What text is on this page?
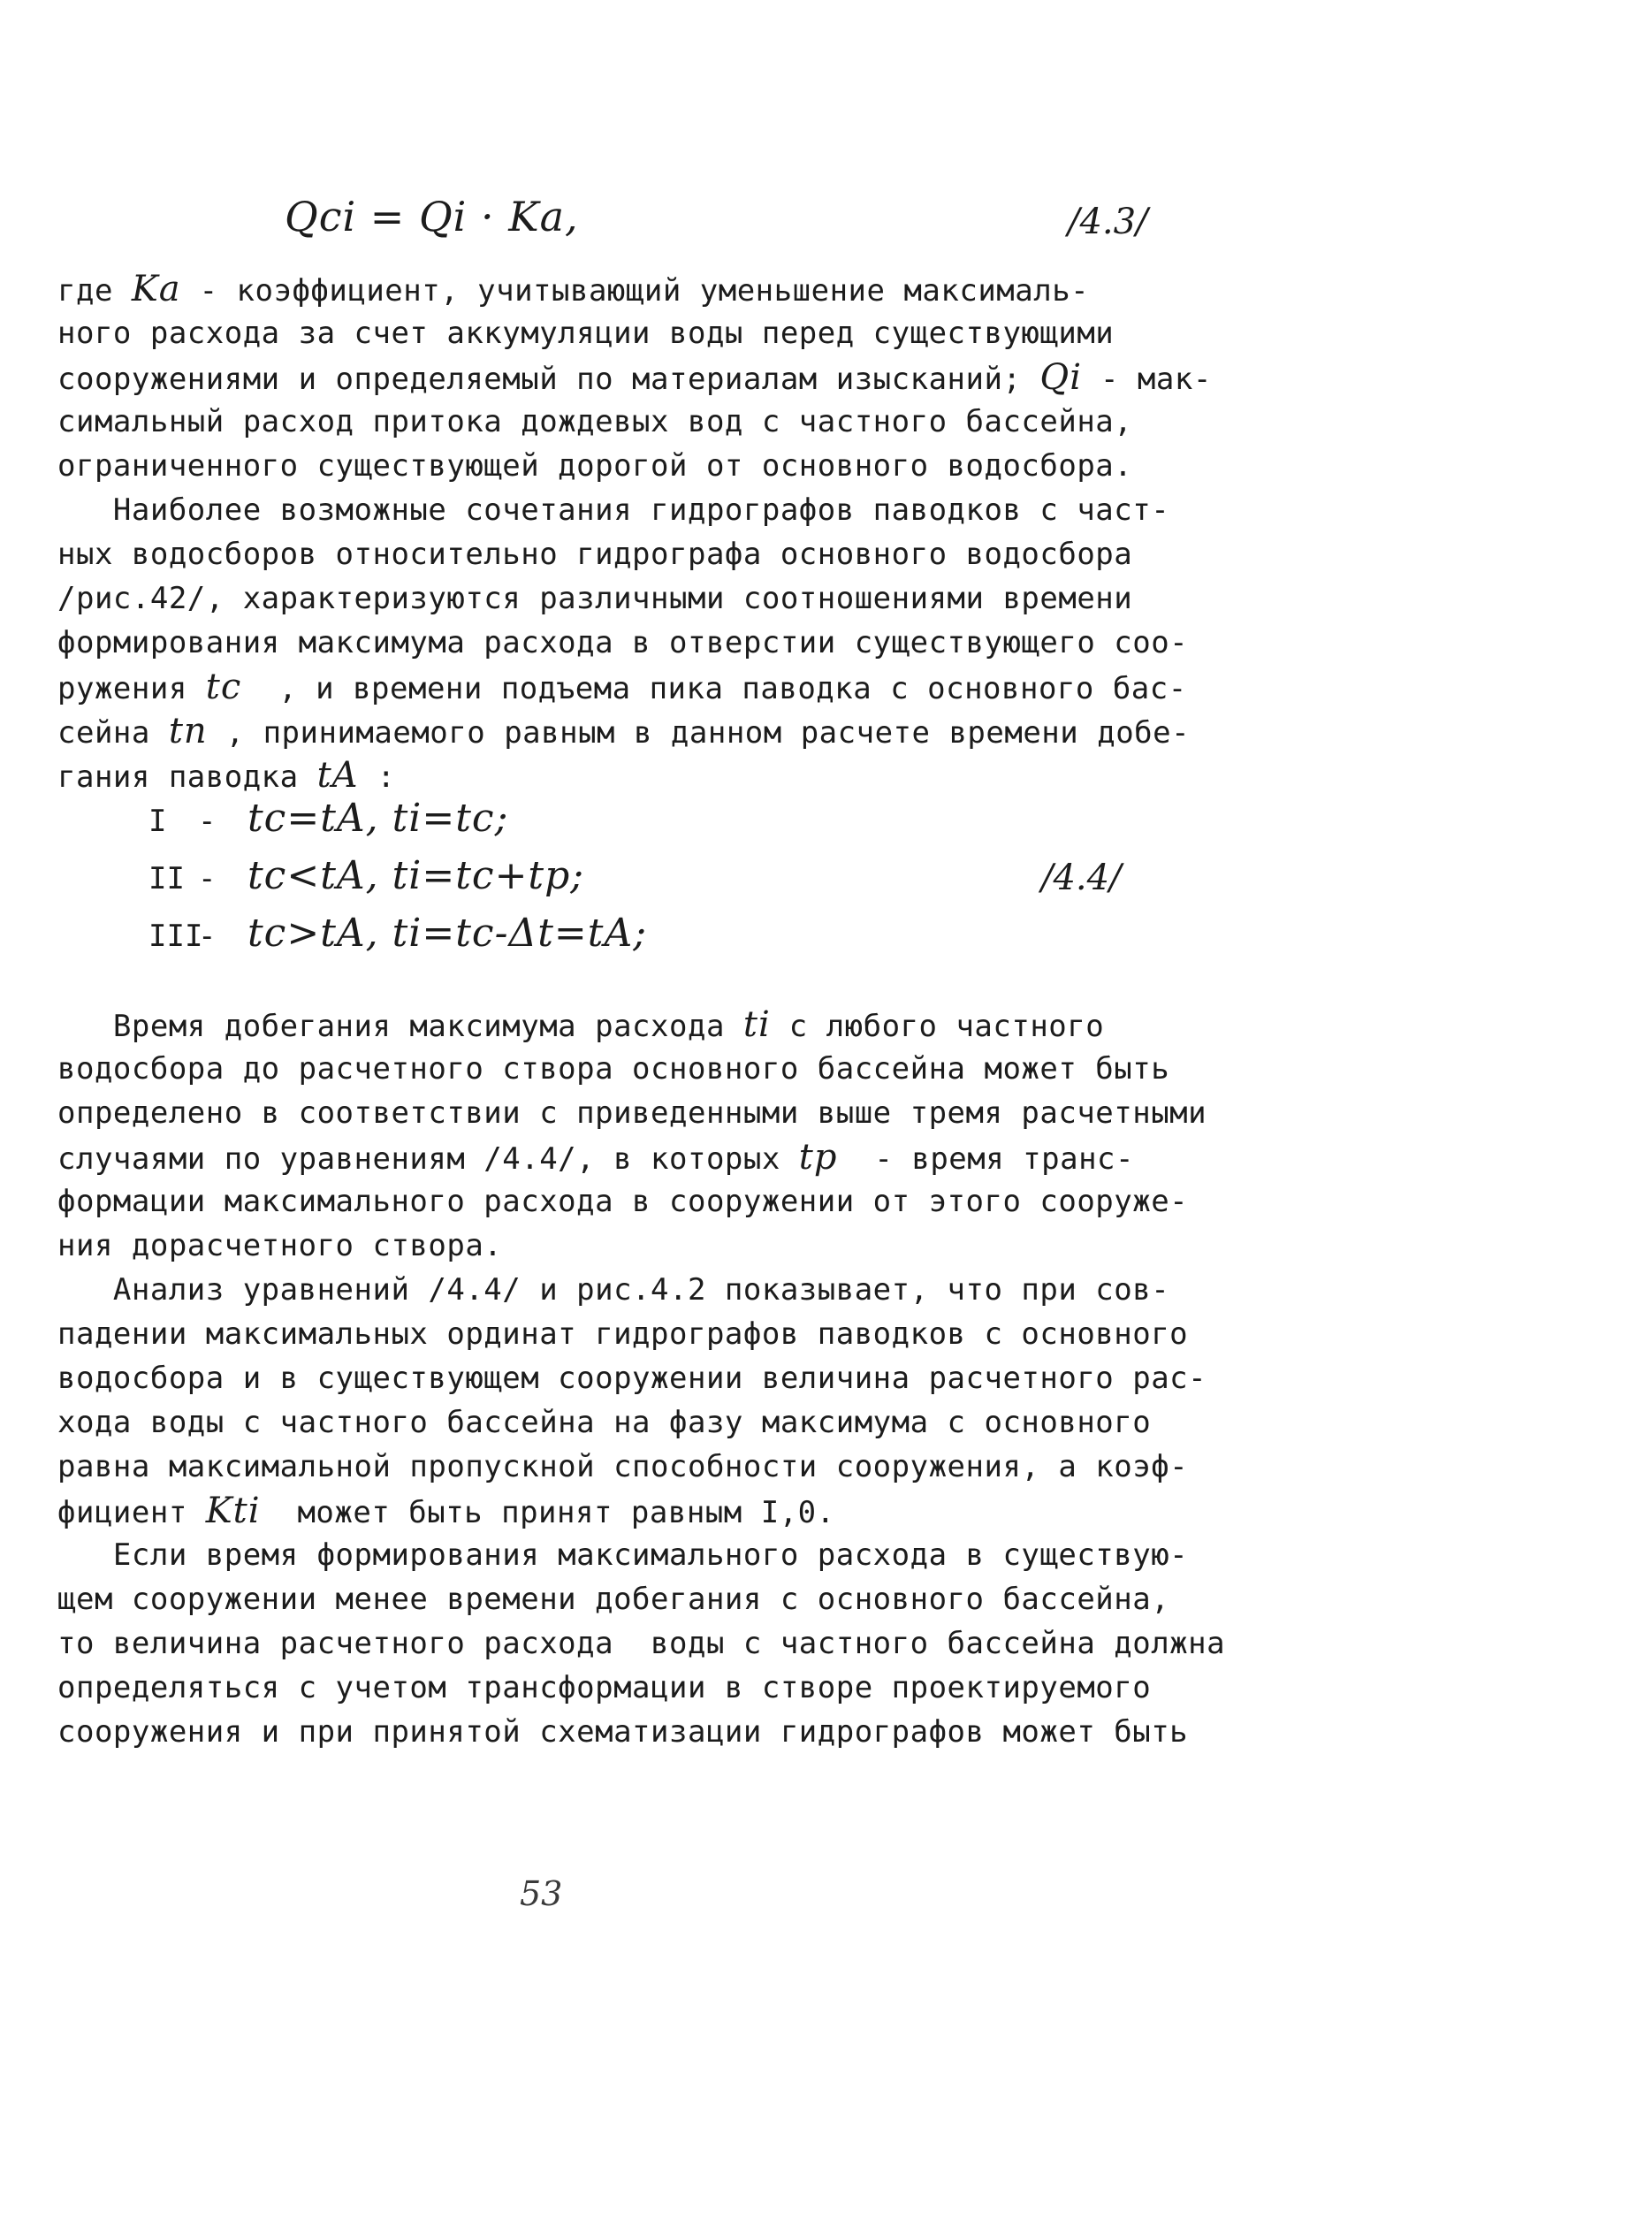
Qci = Qi · Ka,	/4.3/
где Ka - коэффициент, учитывающий уменьшение максималь-
ного расхода за счет аккумуляции воды перед существующими
сооружениями и определяемый по материалам изысканий; Qi - мак-
симальный расход притока дождевых вод с частного бассейна,
ограниченного существующей дорогой от основного водосбора.
Наиболее возможные сочетания гидрографов паводков с част-
ных водосборов относительно гидрографа основного водосбора
/рис.42/, характеризуются различными соотношениями времени
формирования максимума расхода в отверстии существующего соо-
ружения tc  , и времени подъема пика паводка с основного бас-
сейна tn , принимаемого равным в данном расчете времени добе-
гания паводка tA :
I - tc=tA, ti=tc;
II - tc<tA, ti=tc+tp;	/4.4/
III- tc>tA, ti=tc-Δt=tA;
Время добегания максимума расхода ti с любого частного
водосбора до расчетного створа основного бассейна может быть
определено в соответствии с приведенными выше тремя расчетными
случаями по уравнениям /4.4/, в которых tp  - время транс-
формации максимального расхода в сооружении от этого сооруже-
ния дорасчетного створа.
Анализ уравнений /4.4/ и рис.4.2 показывает, что при сов-
падении максимальных ординат гидрографов паводков с основного
водосбора и в существующем сооружении величина расчетного рас-
хода воды с частного бассейна на фазу максимума с основного
равна максимальной пропускной способности сооружения, а коэф-
фициент Kti  может быть принят равным I,0.
Если время формирования максимального расхода в существую-
щем сооружении менее времени добегания с основного бассейна,
то величина расчетного расхода  воды с частного бассейна должна
определяться с учетом трансформации в створе проектируемого
сооружения и при принятой схематизации гидрографов может быть
53
